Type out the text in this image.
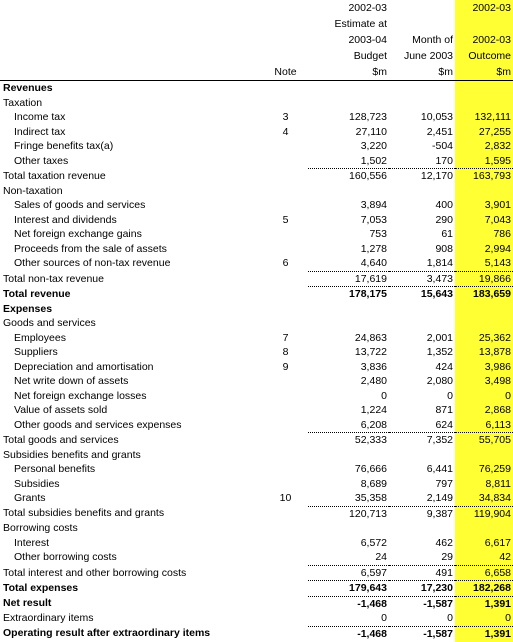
		2002-03		2002-03
		Estimate at		
		2003-04	Month of	2002-03
		Budget	June 2003	Outcome
	Note	$m	$m	$m
Revenues				
Taxation				
Income tax	3	128,723	10,053	132,111
Indirect tax	4	27,110	2,451	27,255
Fringe benefits tax(a)		3,220	-504	2,832
Other taxes		1,502	170	1,595
Total taxation revenue		160,556	12,170	163,793
Non-taxation				
Sales of goods and services		3,894	400	3,901
Interest and dividends	5	7,053	290	7,043
Net foreign exchange gains		753	61	786
Proceeds from the sale of assets		1,278	908	2,994
Other sources of non-tax revenue	6	4,640	1,814	5,143
Total non-tax revenue		17,619	3,473	19,866
Total revenue		178,175	15,643	183,659
Expenses				
Goods and services				
Employees	7	24,863	2,001	25,362
Suppliers	8	13,722	1,352	13,878
Depreciation and amortisation	9	3,836	424	3,986
Net write down of assets		2,480	2,080	3,498
Net foreign exchange losses		0	0	0
Value of assets sold		1,224	871	2,868
Other goods and services expenses		6,208	624	6,113
Total goods and services		52,333	7,352	55,705
Subsidies benefits and grants				
Personal benefits		76,666	6,441	76,259
Subsidies		8,689	797	8,811
Grants	10	35,358	2,149	34,834
Total subsidies benefits and grants		120,713	9,387	119,904
Borrowing costs				
Interest		6,572	462	6,617
Other borrowing costs		24	29	42
Total interest and other borrowing costs		6,597	491	6,658
Total expenses		179,643	17,230	182,268
Net result		-1,468	-1,587	1,391
Extraordinary items		0	0	0
Operating result after extraordinary items		-1,468	-1,587	1,391
